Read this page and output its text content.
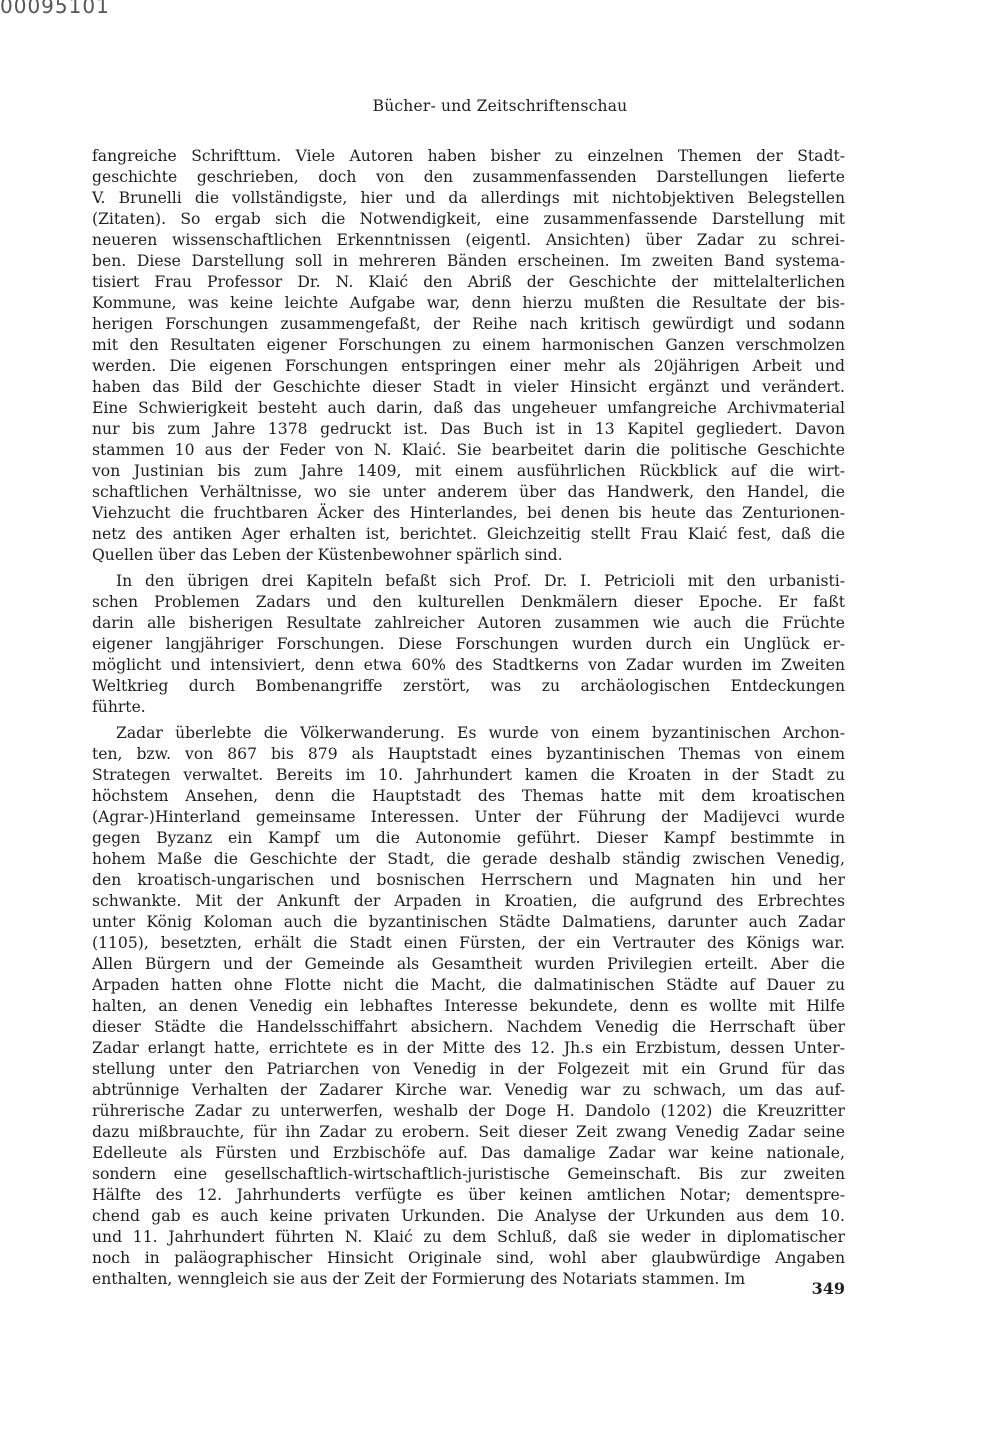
00095101
Bücher- und Zeitschriftenschau
fangreiche Schrifttum. Viele Autoren haben bisher zu einzelnen Themen der Stadt-
geschichte geschrieben, doch von den zusammenfassenden Darstellungen lieferte
V. Brunelli die vollständigste, hier und da allerdings mit nichtobjektiven Belegstellen
(Zitaten). So ergab sich die Notwendigkeit, eine zusammenfassende Darstellung mit
neueren wissenschaftlichen Erkenntnissen (eigentl. Ansichten) über Zadar zu schrei-
ben. Diese Darstellung soll in mehreren Bänden erscheinen. Im zweiten Band systema-
tisiert Frau Professor Dr. N. Klaić den Abriß der Geschichte der mittelalterlichen
Kommune, was keine leichte Aufgabe war, denn hierzu mußten die Resultate der bis-
herigen Forschungen zusammengefaßt, der Reihe nach kritisch gewürdigt und sodann
mit den Resultaten eigener Forschungen zu einem harmonischen Ganzen verschmolzen
werden. Die eigenen Forschungen entspringen einer mehr als 20jährigen Arbeit und
haben das Bild der Geschichte dieser Stadt in vieler Hinsicht ergänzt und verändert.
Eine Schwierigkeit besteht auch darin, daß das ungeheuer umfangreiche Archivmaterial
nur bis zum Jahre 1378 gedruckt ist. Das Buch ist in 13 Kapitel gegliedert. Davon
stammen 10 aus der Feder von N. Klaić. Sie bearbeitet darin die politische Geschichte
von Justinian bis zum Jahre 1409, mit einem ausführlichen Rückblick auf die wirt-
schaftlichen Verhältnisse, wo sie unter anderem über das Handwerk, den Handel, die
Viehzucht die fruchtbaren Äcker des Hinterlandes, bei denen bis heute das Zenturionen-
netz des antiken Ager erhalten ist, berichtet. Gleichzeitig stellt Frau Klaić fest, daß die
Quellen über das Leben der Küstenbewohner spärlich sind.
In den übrigen drei Kapiteln befaßt sich Prof. Dr. I. Petricioli mit den urbanisti-
schen Problemen Zadars und den kulturellen Denkmälern dieser Epoche. Er faßt
darin alle bisherigen Resultate zahlreicher Autoren zusammen wie auch die Früchte
eigener langjähriger Forschungen. Diese Forschungen wurden durch ein Unglück er-
möglicht und intensiviert, denn etwa 60% des Stadtkerns von Zadar wurden im Zweiten
Weltkrieg durch Bombenangriffe zerstört, was zu archäologischen Entdeckungen
führte.
Zadar überlebte die Völkerwanderung. Es wurde von einem byzantinischen Archon-
ten, bzw. von 867 bis 879 als Hauptstadt eines byzantinischen Themas von einem
Strategen verwaltet. Bereits im 10. Jahrhundert kamen die Kroaten in der Stadt zu
höchstem Ansehen, denn die Hauptstadt des Themas hatte mit dem kroatischen
(Agrar-)Hinterland gemeinsame Interessen. Unter der Führung der Madijevci wurde
gegen Byzanz ein Kampf um die Autonomie geführt. Dieser Kampf bestimmte in
hohem Maße die Geschichte der Stadt, die gerade deshalb ständig zwischen Venedig,
den kroatisch-ungarischen und bosnischen Herrschern und Magnaten hin und her
schwankte. Mit der Ankunft der Arpaden in Kroatien, die aufgrund des Erbrechtes
unter König Koloman auch die byzantinischen Städte Dalmatiens, darunter auch Zadar
(1105), besetzten, erhält die Stadt einen Fürsten, der ein Vertrauter des Königs war.
Allen Bürgern und der Gemeinde als Gesamtheit wurden Privilegien erteilt. Aber die
Arpaden hatten ohne Flotte nicht die Macht, die dalmatinischen Städte auf Dauer zu
halten, an denen Venedig ein lebhaftes Interesse bekundete, denn es wollte mit Hilfe
dieser Städte die Handelsschiffahrt absichern. Nachdem Venedig die Herrschaft über
Zadar erlangt hatte, errichtete es in der Mitte des 12. Jh.s ein Erzbistum, dessen Unter-
stellung unter den Patriarchen von Venedig in der Folgezeit mit ein Grund für das
abtrünnige Verhalten der Zadarer Kirche war. Venedig war zu schwach, um das auf-
rührerische Zadar zu unterwerfen, weshalb der Doge H. Dandolo (1202) die Kreuzritter
dazu mißbrauchte, für ihn Zadar zu erobern. Seit dieser Zeit zwang Venedig Zadar seine
Edelleute als Fürsten und Erzbischöfe auf. Das damalige Zadar war keine nationale,
sondern eine gesellschaftlich-wirtschaftlich-juristische Gemeinschaft. Bis zur zweiten
Hälfte des 12. Jahrhunderts verfügte es über keinen amtlichen Notar; dementspre-
chend gab es auch keine privaten Urkunden. Die Analyse der Urkunden aus dem 10.
und 11. Jahrhundert führten N. Klaić zu dem Schluß, daß sie weder in diplomatischer
noch in paläographischer Hinsicht Originale sind, wohl aber glaubwürdige Angaben
enthalten, wenngleich sie aus der Zeit der Formierung des Notariats stammen. Im	349
